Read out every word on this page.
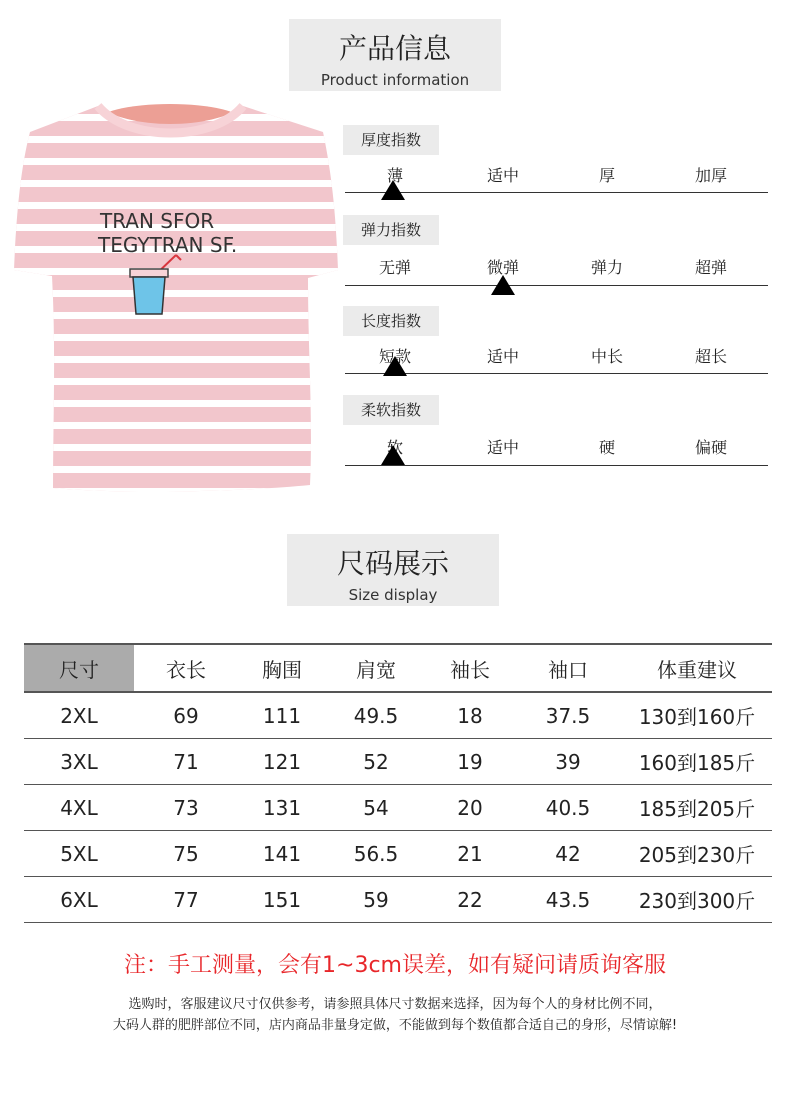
产品信息
Product information
TRAN SFOR
TEGYTRAN SF.
厚度指数
薄	适中	厚	加厚
弹力指数
无弹	微弹	弹力	超弹
长度指数
短款	适中	中长	超长
柔软指数
软	适中	硬	偏硬
尺码展示
Size display
尺寸	衣长	胸围	肩宽	袖长	袖口	体重建议
2XL	69	111	49.5	18	37.5	130到160斤
3XL	71	121	52	19	39	160到185斤
4XL	73	131	54	20	40.5	185到205斤
5XL	75	141	56.5	21	42	205到230斤
6XL	77	151	59	22	43.5	230到300斤
注：手工测量，会有1~3cm误差，如有疑问请质询客服
选购时，客服建议尺寸仅供参考，请参照具体尺寸数据来选择，因为每个人的身材比例不同，
大码人群的肥胖部位不同，店内商品非量身定做，不能做到每个数值都合适自己的身形，尽情谅解!
